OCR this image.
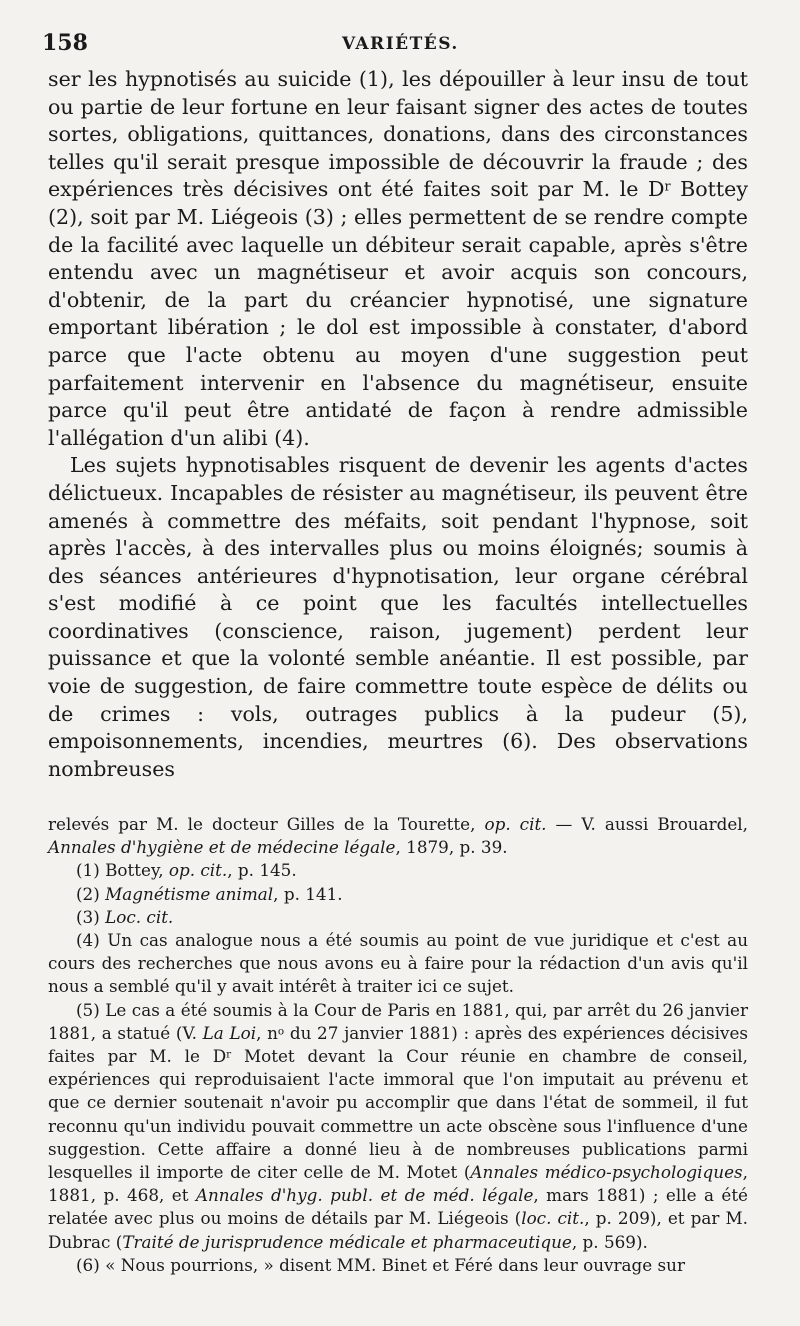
158	VARIÉTÉS.

ser les hypnotisés au suicide (1), les dépouiller à leur insu de tout ou partie de leur fortune en leur faisant signer des actes de toutes sortes, obligations, quittances, donations, dans des circonstances telles qu'il serait presque impossible de découvrir la fraude ; des expériences très décisives ont été faites soit par M. le $D^r$ Bottey (2), soit par M. Liégeois (3) ; elles permettent de se rendre compte de la facilité avec laquelle un débiteur serait capable, après s'être entendu avec un magnétiseur et avoir acquis son concours, d'obtenir, de la part du créancier hypnotisé, une signature emportant libération ; le dol est impossible à constater, d'abord parce que l'acte obtenu au moyen d'une suggestion peut parfaitement intervenir en l'absence du magnétiseur, ensuite parce qu'il peut être antidaté de façon à rendre admissible l'allégation d'un alibi (4).

Les sujets hypnotisables risquent de devenir les agents d'actes délictueux. Incapables de résister au magnétiseur, ils peuvent être amenés à commettre des méfaits, soit pendant l'hypnose, soit après l'accès, à des intervalles plus ou moins éloignés; soumis à des séances antérieures d'hypnotisation, leur organe cérébral s'est modifié à ce point que les facultés intellectuelles coordinatives (conscience, raison, jugement) perdent leur puissance et que la volonté semble anéantie. Il est possible, par voie de suggestion, de faire commettre toute espèce de délits ou de crimes : vols, outrages publics à la pudeur (5), empoisonnements, incendies, meurtres (6). Des observations nombreuses

relevés par M. le docteur Gilles de la Tourette, op. cit. — V. aussi Brouardel, Annales d'hygiène et de médecine légale, 1879, p. 39.

(1) Bottey, op. cit., p. 145.

(2) Magnétisme animal, p. 141.

(3) Loc. cit.

(4) Un cas analogue nous a été soumis au point de vue juridique et c'est au cours des recherches que nous avons eu à faire pour la rédaction d'un avis qu'il nous a semblé qu'il y avait intérêt à traiter ici ce sujet.

(5) Le cas a été soumis à la Cour de Paris en 1881, qui, par arrêt du 26 janvier 1881, a statué (V. La Loi, $n^o$ du 27 janvier 1881) : après des expériences décisives faites par M. le $D^r$ Motet devant la Cour réunie en chambre de conseil, expériences qui reproduisaient l'acte immoral que l'on imputait au prévenu et que ce dernier soutenait n'avoir pu accomplir que dans l'état de sommeil, il fut reconnu qu'un individu pouvait commettre un acte obscène sous l'influence d'une suggestion. Cette affaire a donné lieu à de nombreuses publications parmi lesquelles il importe de citer celle de M. Motet (Annales médico-psychologiques, 1881, p. 468, et Annales d'hyg. publ. et de méd. légale, mars 1881) ; elle a été relatée avec plus ou moins de détails par M. Liégeois (loc. cit., p. 209), et par M. Dubrac (Traité de jurisprudence médicale et pharmaceutique, p. 569).

(6) « Nous pourrions, » disent MM. Binet et Féré dans leur ouvrage sur
